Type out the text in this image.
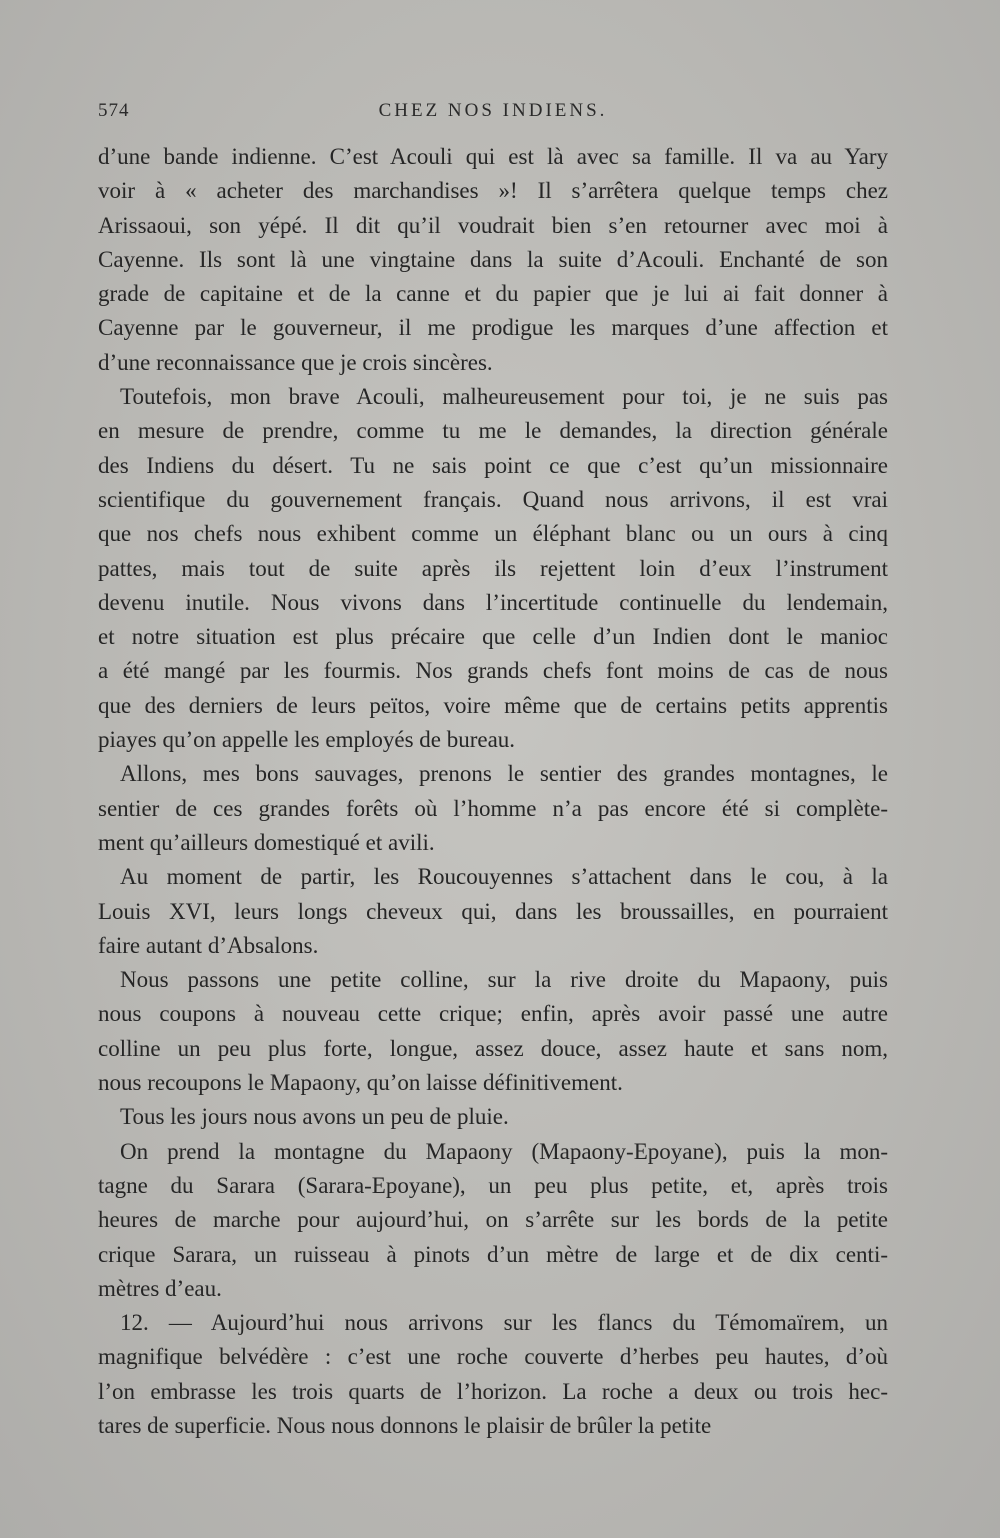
574	CHEZ NOS INDIENS.

d’une bande indienne. C’est Acouli qui est là avec sa famille. Il va au Yary
voir à « acheter des marchandises »! Il s’arrêtera quelque temps chez
Arissaoui, son yépé. Il dit qu’il voudrait bien s’en retourner avec moi à
Cayenne. Ils sont là une vingtaine dans la suite d’Acouli. Enchanté de son
grade de capitaine et de la canne et du papier que je lui ai fait donner à
Cayenne par le gouverneur, il me prodigue les marques d’une affection et
d’une reconnaissance que je crois sincères.

Toutefois, mon brave Acouli, malheureusement pour toi, je ne suis pas
en mesure de prendre, comme tu me le demandes, la direction générale
des Indiens du désert. Tu ne sais point ce que c’est qu’un missionnaire
scientifique du gouvernement français. Quand nous arrivons, il est vrai
que nos chefs nous exhibent comme un éléphant blanc ou un ours à cinq
pattes, mais tout de suite après ils rejettent loin d’eux l’instrument
devenu inutile. Nous vivons dans l’incertitude continuelle du lendemain,
et notre situation est plus précaire que celle d’un Indien dont le manioc
a été mangé par les fourmis. Nos grands chefs font moins de cas de nous
que des derniers de leurs peïtos, voire même que de certains petits apprentis
piayes qu’on appelle les employés de bureau.

Allons, mes bons sauvages, prenons le sentier des grandes montagnes, le
sentier de ces grandes forêts où l’homme n’a pas encore été si complète-
ment qu’ailleurs domestiqué et avili.

Au moment de partir, les Roucouyennes s’attachent dans le cou, à la
Louis XVI, leurs longs cheveux qui, dans les broussailles, en pourraient
faire autant d’Absalons.

Nous passons une petite colline, sur la rive droite du Mapaony, puis
nous coupons à nouveau cette crique; enfin, après avoir passé une autre
colline un peu plus forte, longue, assez douce, assez haute et sans nom,
nous recoupons le Mapaony, qu’on laisse définitivement.

Tous les jours nous avons un peu de pluie.

On prend la montagne du Mapaony (Mapaony-Epoyane), puis la mon-
tagne du Sarara (Sarara-Epoyane), un peu plus petite, et, après trois
heures de marche pour aujourd’hui, on s’arrête sur les bords de la petite
crique Sarara, un ruisseau à pinots d’un mètre de large et de dix centi-
mètres d’eau.

12. — Aujourd’hui nous arrivons sur les flancs du Témomaïrem, un
magnifique belvédère : c’est une roche couverte d’herbes peu hautes, d’où
l’on embrasse les trois quarts de l’horizon. La roche a deux ou trois hec-
tares de superficie. Nous nous donnons le plaisir de brûler la petite
